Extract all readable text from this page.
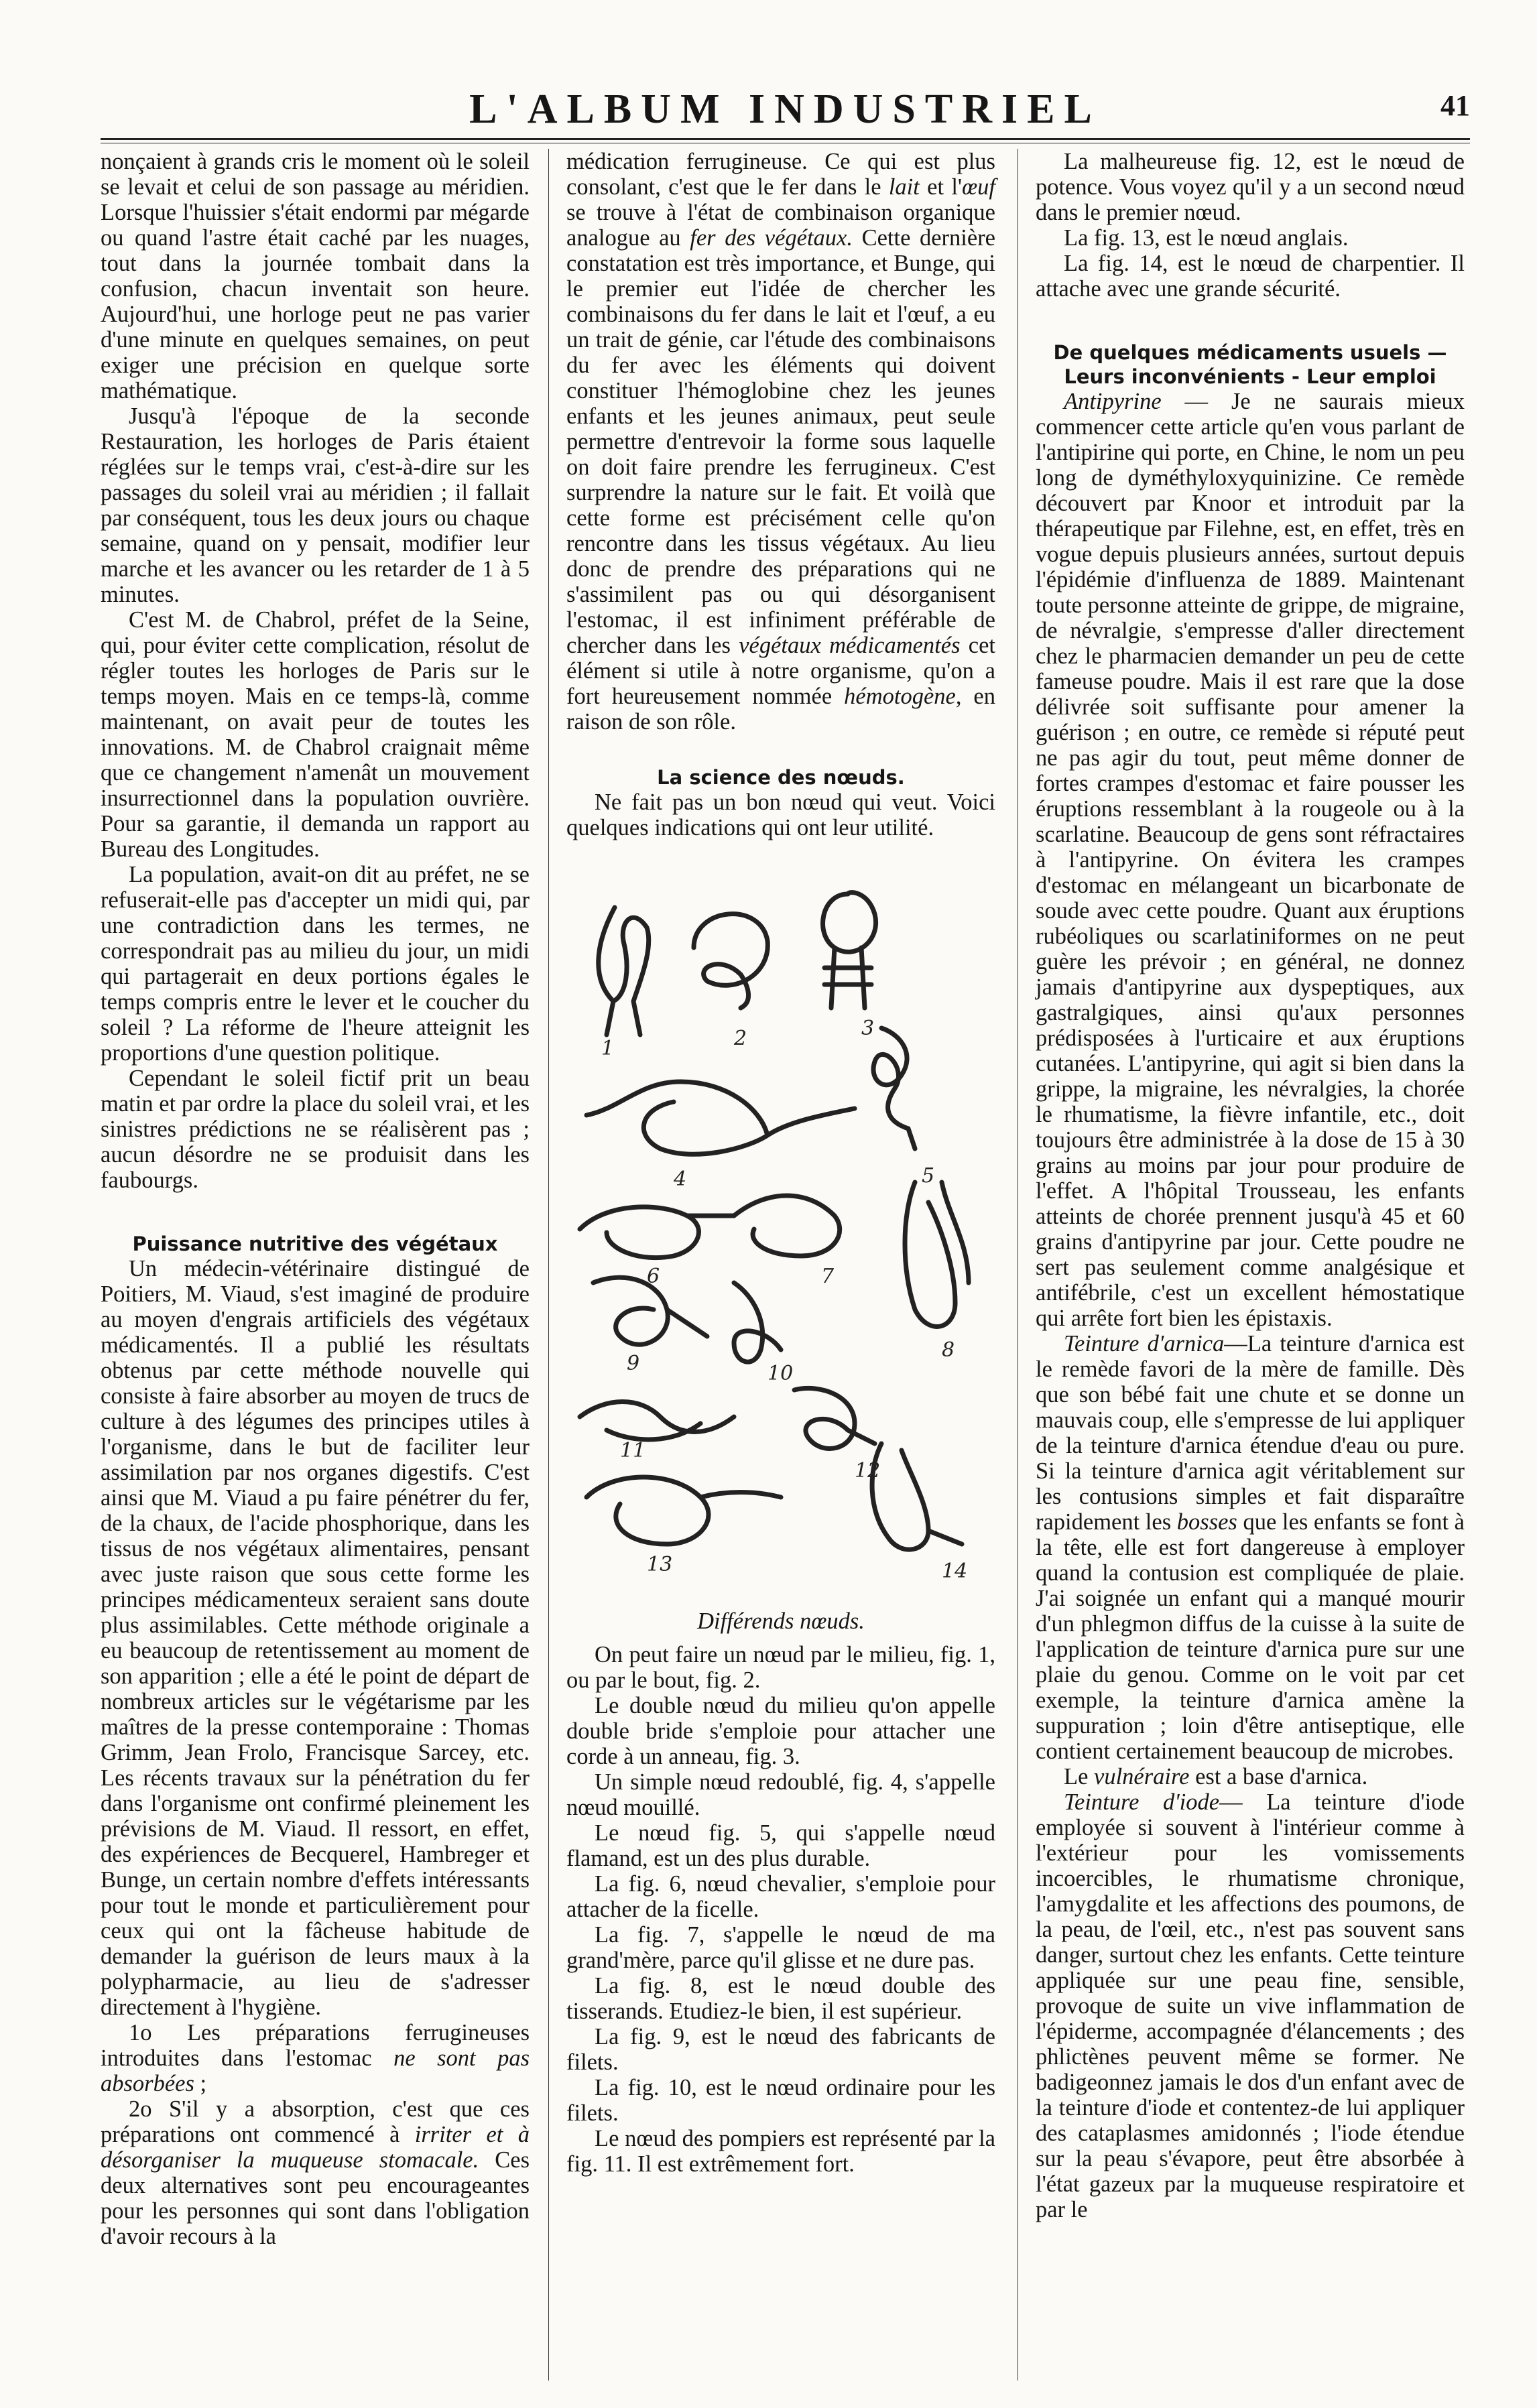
L'ALBUM INDUSTRIEL	41

nonçaient à grands cris le moment où le soleil se levait et celui de son passage au méridien. Lorsque l'huissier s'était endormi par mégarde ou quand l'astre était caché par les nuages, tout dans la journée tombait dans la confusion, chacun inventait son heure. Aujourd'hui, une horloge peut ne pas varier d'une minute en quelques semaines, on peut exiger une précision en quelque sorte mathématique.

Jusqu'à l'époque de la seconde Restauration, les horloges de Paris étaient réglées sur le temps vrai, c'est-à-dire sur les passages du soleil vrai au méridien ; il fallait par conséquent, tous les deux jours ou chaque semaine, quand on y pensait, modifier leur marche et les avancer ou les retarder de 1 à 5 minutes.

C'est M. de Chabrol, préfet de la Seine, qui, pour éviter cette complication, résolut de régler toutes les horloges de Paris sur le temps moyen. Mais en ce temps-là, comme maintenant, on avait peur de toutes les innovations. M. de Chabrol craignait même que ce changement n'amenât un mouvement insurrectionnel dans la population ouvrière. Pour sa garantie, il demanda un rapport au Bureau des Longitudes.

La population, avait-on dit au préfet, ne se refuserait-elle pas d'accepter un midi qui, par une contradiction dans les termes, ne correspondrait pas au milieu du jour, un midi qui partagerait en deux portions égales le temps compris entre le lever et le coucher du soleil ? La réforme de l'heure atteignit les proportions d'une question politique.

Cependant le soleil fictif prit un beau matin et par ordre la place du soleil vrai, et les sinistres prédictions ne se réalisèrent pas ; aucun désordre ne se produisit dans les faubourgs.

Puissance nutritive des végétaux

Un médecin-vétérinaire distingué de Poitiers, M. Viaud, s'est imaginé de produire au moyen d'engrais artificiels des végétaux médicamentés. Il a publié les résultats obtenus par cette méthode nouvelle qui consiste à faire absorber au moyen de trucs de culture à des légumes des principes utiles à l'organisme, dans le but de faciliter leur assimilation par nos organes digestifs. C'est ainsi que M. Viaud a pu faire pénétrer du fer, de la chaux, de l'acide phosphorique, dans les tissus de nos végétaux alimentaires, pensant avec juste raison que sous cette forme les principes médicamenteux seraient sans doute plus assimilables. Cette méthode originale a eu beaucoup de retentissement au moment de son apparition ; elle a été le point de départ de nombreux articles sur le végétarisme par les maîtres de la presse contemporaine : Thomas Grimm, Jean Frolo, Francisque Sarcey, etc. Les récents travaux sur la pénétration du fer dans l'organisme ont confirmé pleinement les prévisions de M. Viaud. Il ressort, en effet, des expériences de Becquerel, Hambreger et Bunge, un certain nombre d'effets intéressants pour tout le monde et particulièrement pour ceux qui ont la fâcheuse habitude de demander la guérison de leurs maux à la polypharmacie, au lieu de s'adresser directement à l'hygiène.

1o Les préparations ferrugineuses introduites dans l'estomac ne sont pas absorbées ;

2o S'il y a absorption, c'est que ces préparations ont commencé à irriter et à désorganiser la muqueuse stomacale. Ces deux alternatives sont peu encourageantes pour les personnes qui sont dans l'obligation d'avoir recours à la

médication ferrugineuse. Ce qui est plus consolant, c'est que le fer dans le lait et l'œuf se trouve à l'état de combinaison organique analogue au fer des végétaux. Cette dernière constatation est très importance, et Bunge, qui le premier eut l'idée de chercher les combinaisons du fer dans le lait et l'œuf, a eu un trait de génie, car l'étude des combinaisons du fer avec les éléments qui doivent constituer l'hémoglobine chez les jeunes enfants et les jeunes animaux, peut seule permettre d'entrevoir la forme sous laquelle on doit faire prendre les ferrugineux. C'est surprendre la nature sur le fait. Et voilà que cette forme est précisément celle qu'on rencontre dans les tissus végétaux. Au lieu donc de prendre des préparations qui ne s'assimilent pas ou qui désorganisent l'estomac, il est infiniment préférable de chercher dans les végétaux médicamentés cet élément si utile à notre organisme, qu'on a fort heureusement nommée hémotogène, en raison de son rôle.

La science des nœuds.

Ne fait pas un bon nœud qui veut. Voici quelques indications qui ont leur utilité.

1	2	3
4	5
6	7
8
9	10
11
12
13	14

Différends nœuds.

On peut faire un nœud par le milieu, fig. 1, ou par le bout, fig. 2.

Le double nœud du milieu qu'on appelle double bride s'emploie pour attacher une corde à un anneau, fig. 3.

Un simple nœud redoublé, fig. 4, s'appelle nœud mouillé.

Le nœud fig. 5, qui s'appelle nœud flamand, est un des plus durable.

La fig. 6, nœud chevalier, s'emploie pour attacher de la ficelle.

La fig. 7, s'appelle le nœud de ma grand'mère, parce qu'il glisse et ne dure pas.

La fig. 8, est le nœud double des tisserands. Etudiez-le bien, il est supérieur.

La fig. 9, est le nœud des fabricants de filets.

La fig. 10, est le nœud ordinaire pour les filets.

Le nœud des pompiers est représenté par la fig. 11. Il est extrêmement fort.

La malheureuse fig. 12, est le nœud de potence. Vous voyez qu'il y a un second nœud dans le premier nœud.

La fig. 13, est le nœud anglais.

La fig. 14, est le nœud de charpentier. Il attache avec une grande sécurité.

De quelques médicaments usuels —
Leurs inconvénients - Leur emploi

Antipyrine — Je ne saurais mieux commencer cette article qu'en vous parlant de l'antipirine qui porte, en Chine, le nom un peu long de dyméthyloxyquinizine. Ce remède découvert par Knoor et introduit par la thérapeutique par Filehne, est, en effet, très en vogue depuis plusieurs années, surtout depuis l'épidémie d'influenza de 1889. Maintenant toute personne atteinte de grippe, de migraine, de névralgie, s'empresse d'aller directement chez le pharmacien demander un peu de cette fameuse poudre. Mais il est rare que la dose délivrée soit suffisante pour amener la guérison ; en outre, ce remède si réputé peut ne pas agir du tout, peut même donner de fortes crampes d'estomac et faire pousser les éruptions ressemblant à la rougeole ou à la scarlatine. Beaucoup de gens sont réfractaires à l'antipyrine. On évitera les crampes d'estomac en mélangeant un bicarbonate de soude avec cette poudre. Quant aux éruptions rubéoliques ou scarlatiniformes on ne peut guère les prévoir ; en général, ne donnez jamais d'antipyrine aux dyspeptiques, aux gastralgiques, ainsi qu'aux personnes prédisposées à l'urticaire et aux éruptions cutanées. L'antipyrine, qui agit si bien dans la grippe, la migraine, les névralgies, la chorée le rhumatisme, la fièvre infantile, etc., doit toujours être administrée à la dose de 15 à 30 grains au moins par jour pour produire de l'effet. A l'hôpital Trousseau, les enfants atteints de chorée prennent jusqu'à 45 et 60 grains d'antipyrine par jour. Cette poudre ne sert pas seulement comme analgésique et antifébrile, c'est un excellent hémostatique qui arrête fort bien les épistaxis.

Teinture d'arnica—La teinture d'arnica est le remède favori de la mère de famille. Dès que son bébé fait une chute et se donne un mauvais coup, elle s'empresse de lui appliquer de la teinture d'arnica étendue d'eau ou pure. Si la teinture d'arnica agit véritablement sur les contusions simples et fait disparaître rapidement les bosses que les enfants se font à la tête, elle est fort dangereuse à employer quand la contusion est compliquée de plaie. J'ai soignée un enfant qui a manqué mourir d'un phlegmon diffus de la cuisse à la suite de l'application de teinture d'arnica pure sur une plaie du genou. Comme on le voit par cet exemple, la teinture d'arnica amène la suppuration ; loin d'être antiseptique, elle contient certainement beaucoup de microbes.

Le vulnéraire est a base d'arnica.

Teinture d'iode— La teinture d'iode employée si souvent à l'intérieur comme à l'extérieur pour les vomissements incoercibles, le rhumatisme chronique, l'amygdalite et les affections des poumons, de la peau, de l'œil, etc., n'est pas souvent sans danger, surtout chez les enfants. Cette teinture appliquée sur une peau fine, sensible, provoque de suite un vive inflammation de l'épiderme, accompagnée d'élancements ; des phlictènes peuvent même se former. Ne badigeonnez jamais le dos d'un enfant avec de la teinture d'iode et contentez-de lui appliquer des cataplasmes amidonnés ; l'iode étendue sur la peau s'évapore, peut être absorbée à l'état gazeux par la muqueuse respiratoire et par le
